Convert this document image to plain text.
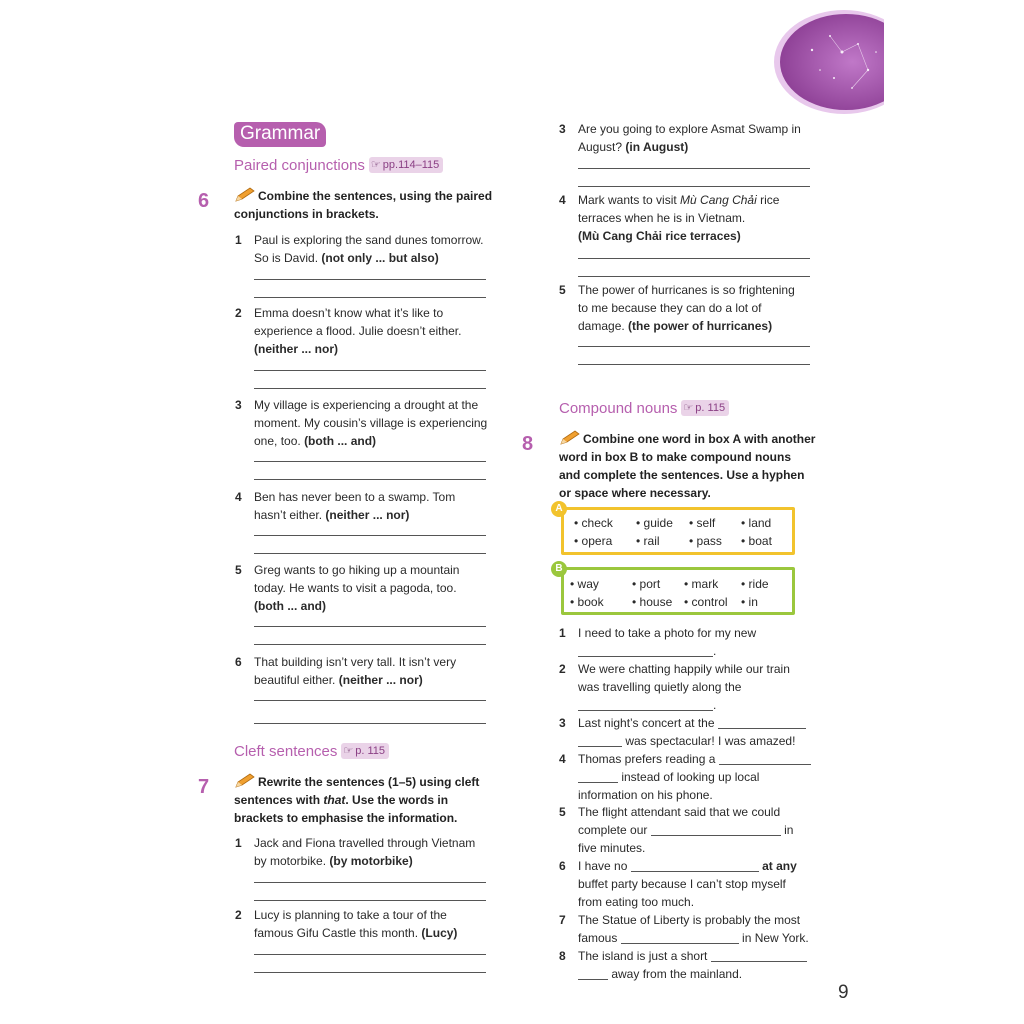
Grammar
Paired conjunctions ☞ pp.114–115
6	Combine the sentences, using the paired conjunctions in brackets.
1 Paul is exploring the sand dunes tomorrow.
So is David. (not only ... but also)
2 Emma doesn’t know what it’s like to
experience a flood. Julie doesn’t either.
(neither ... nor)
3 My village is experiencing a drought at the
moment. My cousin’s village is experiencing
one, too. (both ... and)
4 Ben has never been to a swamp. Tom
hasn’t either. (neither ... nor)
5 Greg wants to go hiking up a mountain
today. He wants to visit a pagoda, too.
(both ... and)
6 That building isn’t very tall. It isn’t very
beautiful either. (neither ... nor)
Cleft sentences ☞ p. 115
7	Rewrite the sentences (1–5) using cleft
sentences with that. Use the words in
brackets to emphasise the information.
1 Jack and Fiona travelled through Vietnam
by motorbike. (by motorbike)
2 Lucy is planning to take a tour of the
famous Gifu Castle this month. (Lucy)
3 Are you going to explore Asmat Swamp in
August? (in August)
4 Mark wants to visit Mù Cang Chải rice
terraces when he is in Vietnam.
(Mù Cang Chải rice terraces)
5 The power of hurricanes is so frightening
to me because they can do a lot of
damage. (the power of hurricanes)
Compound nouns ☞ p. 115
8	Combine one word in box A with another
word in box B to make compound nouns
and complete the sentences. Use a hyphen
or space where necessary.
A
• check • guide • self • land
• opera • rail • pass • boat
B
• way	• port • mark • ride
• book • house • control • in
1 I need to take a photo for my new
.
2 We were chatting happily while our train
was travelling quietly along the
.
3 Last night’s concert at the
was spectacular! I was amazed!
4 Thomas prefers reading a
instead of looking up local
information on his phone.
5 The flight attendant said that we could
complete our	in
five minutes.
6 I have no	at any
buffet party because I can’t stop myself
from eating too much.
7 The Statue of Liberty is probably the most
famous	in New York.
8 The island is just a short
away from the mainland.
9
